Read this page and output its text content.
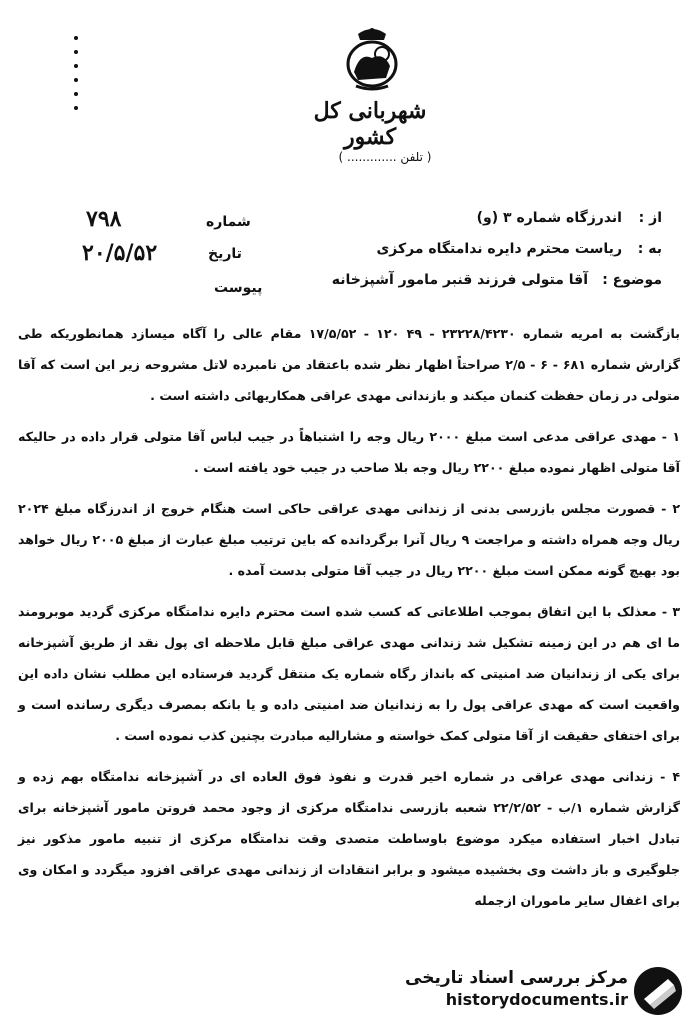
شهربانی کل کشور
( تلفن ............. )
از :
اندرزگاه شماره ۳ (و)
به :
ریاست محترم دایره ندامتگاه مرکزی
موضوع :
آقا متولی فرزند قنبر مامور آشپزخانه
شماره
۷۹۸
تاریخ
۲۰/۵/۵۲
پیوست

بازگشت به امریه شماره ۲۳۲۲۸/۴۲۳۰ - ۴۹ ۱۲۰ - ۱۷/۵/۵۲ مقام عالی را آگاه میسازد همانطوریکه طی گزارش شماره ۶۸۱ - ۶ - ۲/۵ صراحتاً اظهار نظر شده باعتقاد من نامبرده لاتل مشروحه زیر این است که آقا متولی در زمان حفظت کنمان میکند و بازندانی مهدی عراقی همکاریهائی داشته است .

۱ - مهدی عراقی مدعی است مبلغ ۲۰۰۰ ریال وجه را اشتباهاً در جیب لباس آقا متولی قرار داده در حالیکه آقا متولی اظهار نموده مبلغ ۲۲۰۰ ریال وجه بلا صاحب در جیب خود یافته است .

۲ - قصورت مجلس بازرسی بدنی از زندانی مهدی عراقی حاکی است هنگام خروج از اندرزگاه مبلغ ۲۰۲۴ ریال وجه همراه داشته و مراجعت ۹ ریال آنرا برگردانده که باین ترتیب مبلغ عبارت از مبلغ ۲۰۰۵ ریال خواهد بود بهیچ گونه ممکن است مبلغ ۲۲۰۰ ریال در جیب آقا متولی بدست آمده .

۳ - معذلک با این اتفاق بموجب اطلاعاتی که کسب شده است محترم دایره ندامتگاه مرکزی گردید موبرومند ما ای هم در این زمینه تشکیل شد زندانی مهدی عراقی مبلغ قابل ملاحظه ای پول نقد از طریق آشپزخانه برای یکی از زندانیان ضد امنیتی که بانداز رگاه شماره یک منتقل گردید فرستاده این مطلب نشان داده این واقعیت است که مهدی عراقی پول را به زندانیان ضد امنیتی داده و یا بانکه بمصرف دیگری رسانده است و برای اختفای حقیقت از آقا متولی کمک خواسته و مشارالیه مبادرت بچنین کذب نموده است .

۴ - زندانی مهدی عراقی در شماره اخیر قدرت و نفوذ فوق العاده ای در آشپزخانه ندامتگاه بهم زده و گزارش شماره ۱/ب - ۲۲/۲/۵۲ شعبه بازرسی ندامتگاه مرکزی از وجود محمد فروتن مامور آشپزخانه برای تبادل اخبار استفاده میکرد موضوع باوساطت متصدی وقت ندامتگاه مرکزی از تنبیه مامور مذکور نیز جلوگیری و باز داشت وی بخشیده میشود و برابر انتقادات از زندانی مهدی عراقی افزود میگردد و امکان وی برای اغفال سایر ماموران ازجمله

مرکز بررسی اسناد تاریخی
historydocuments.ir
